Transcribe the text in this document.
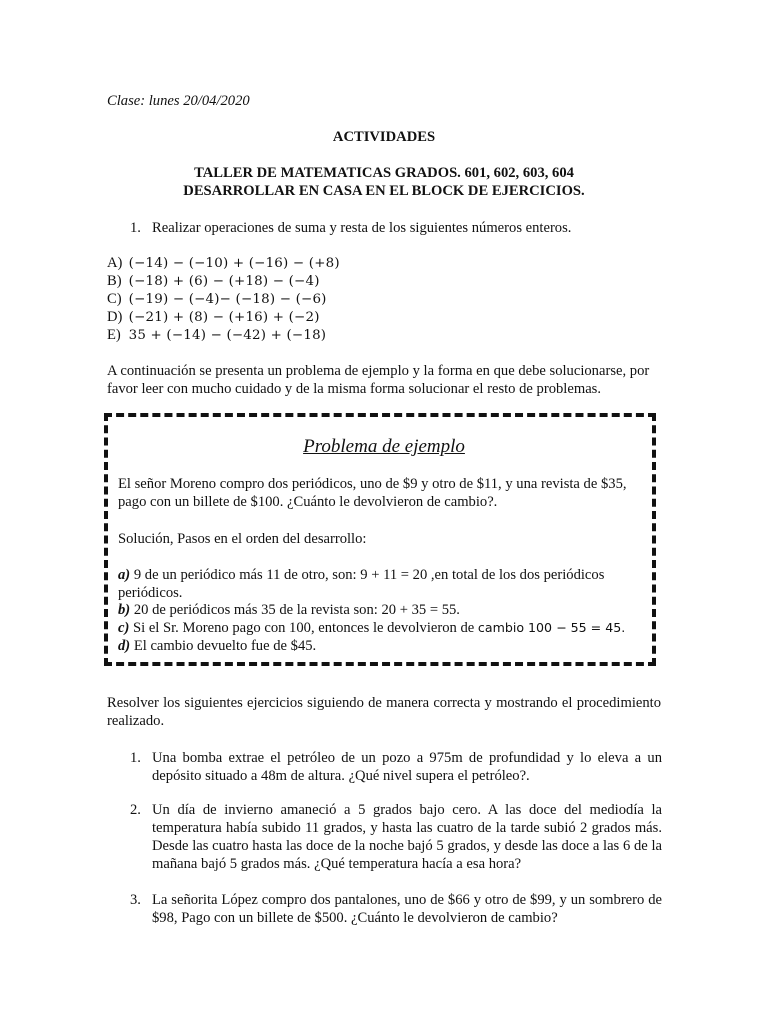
Clase: lunes 20/04/2020
ACTIVIDADES
TALLER DE MATEMATICAS GRADOS. 601, 602, 603, 604
DESARROLLAR EN CASA EN EL BLOCK DE EJERCICIOS.
1. Realizar operaciones de suma y resta de los siguientes números enteros.
A) (−14) − (−10) + (−16) − (+8)
B) (−18) + (6) − (+18) − (−4)
C) (−19) − (−4)− (−18) − (−6)
D) (−21) + (8) − (+16) + (−2)
E) 35 + (−14) − (−42) + (−18)
A continuación se presenta un problema de ejemplo y la forma en que debe solucionarse, por favor leer con mucho cuidado y de la misma forma solucionar el resto de problemas.
Problema de ejemplo
El señor Moreno compro dos periódicos, uno de $9 y otro de $11, y una revista de $35, pago con un billete de $100. ¿Cuánto le devolvieron de cambio?.
Solución, Pasos en el orden del desarrollo:
a) 9 de un periódico más 11 de otro, son: 9 + 11 = 20 ,en total de los dos periódicos periódicos.
b) 20 de periódicos más 35 de la revista son: 20 + 35 = 55.
c) Si el Sr. Moreno pago con 100, entonces le devolvieron de cambio 100 − 55 = 45.
d) El cambio devuelto fue de $45.
Resolver los siguientes ejercicios siguiendo de manera correcta y mostrando el procedimiento realizado.
1. Una bomba extrae el petróleo de un pozo a 975m de profundidad y lo eleva a un depósito situado a 48m de altura. ¿Qué nivel supera el petróleo?.
2. Un día de invierno amaneció a 5 grados bajo cero. A las doce del mediodía la temperatura había subido 11 grados, y hasta las cuatro de la tarde subió 2 grados más. Desde las cuatro hasta las doce de la noche bajó 5 grados, y desde las doce a las 6 de la mañana bajó 5 grados más. ¿Qué temperatura hacía a esa hora?
3. La señorita López compro dos pantalones, uno de $66 y otro de $99, y un sombrero de $98, Pago con un billete de $500. ¿Cuánto le devolvieron de cambio?
